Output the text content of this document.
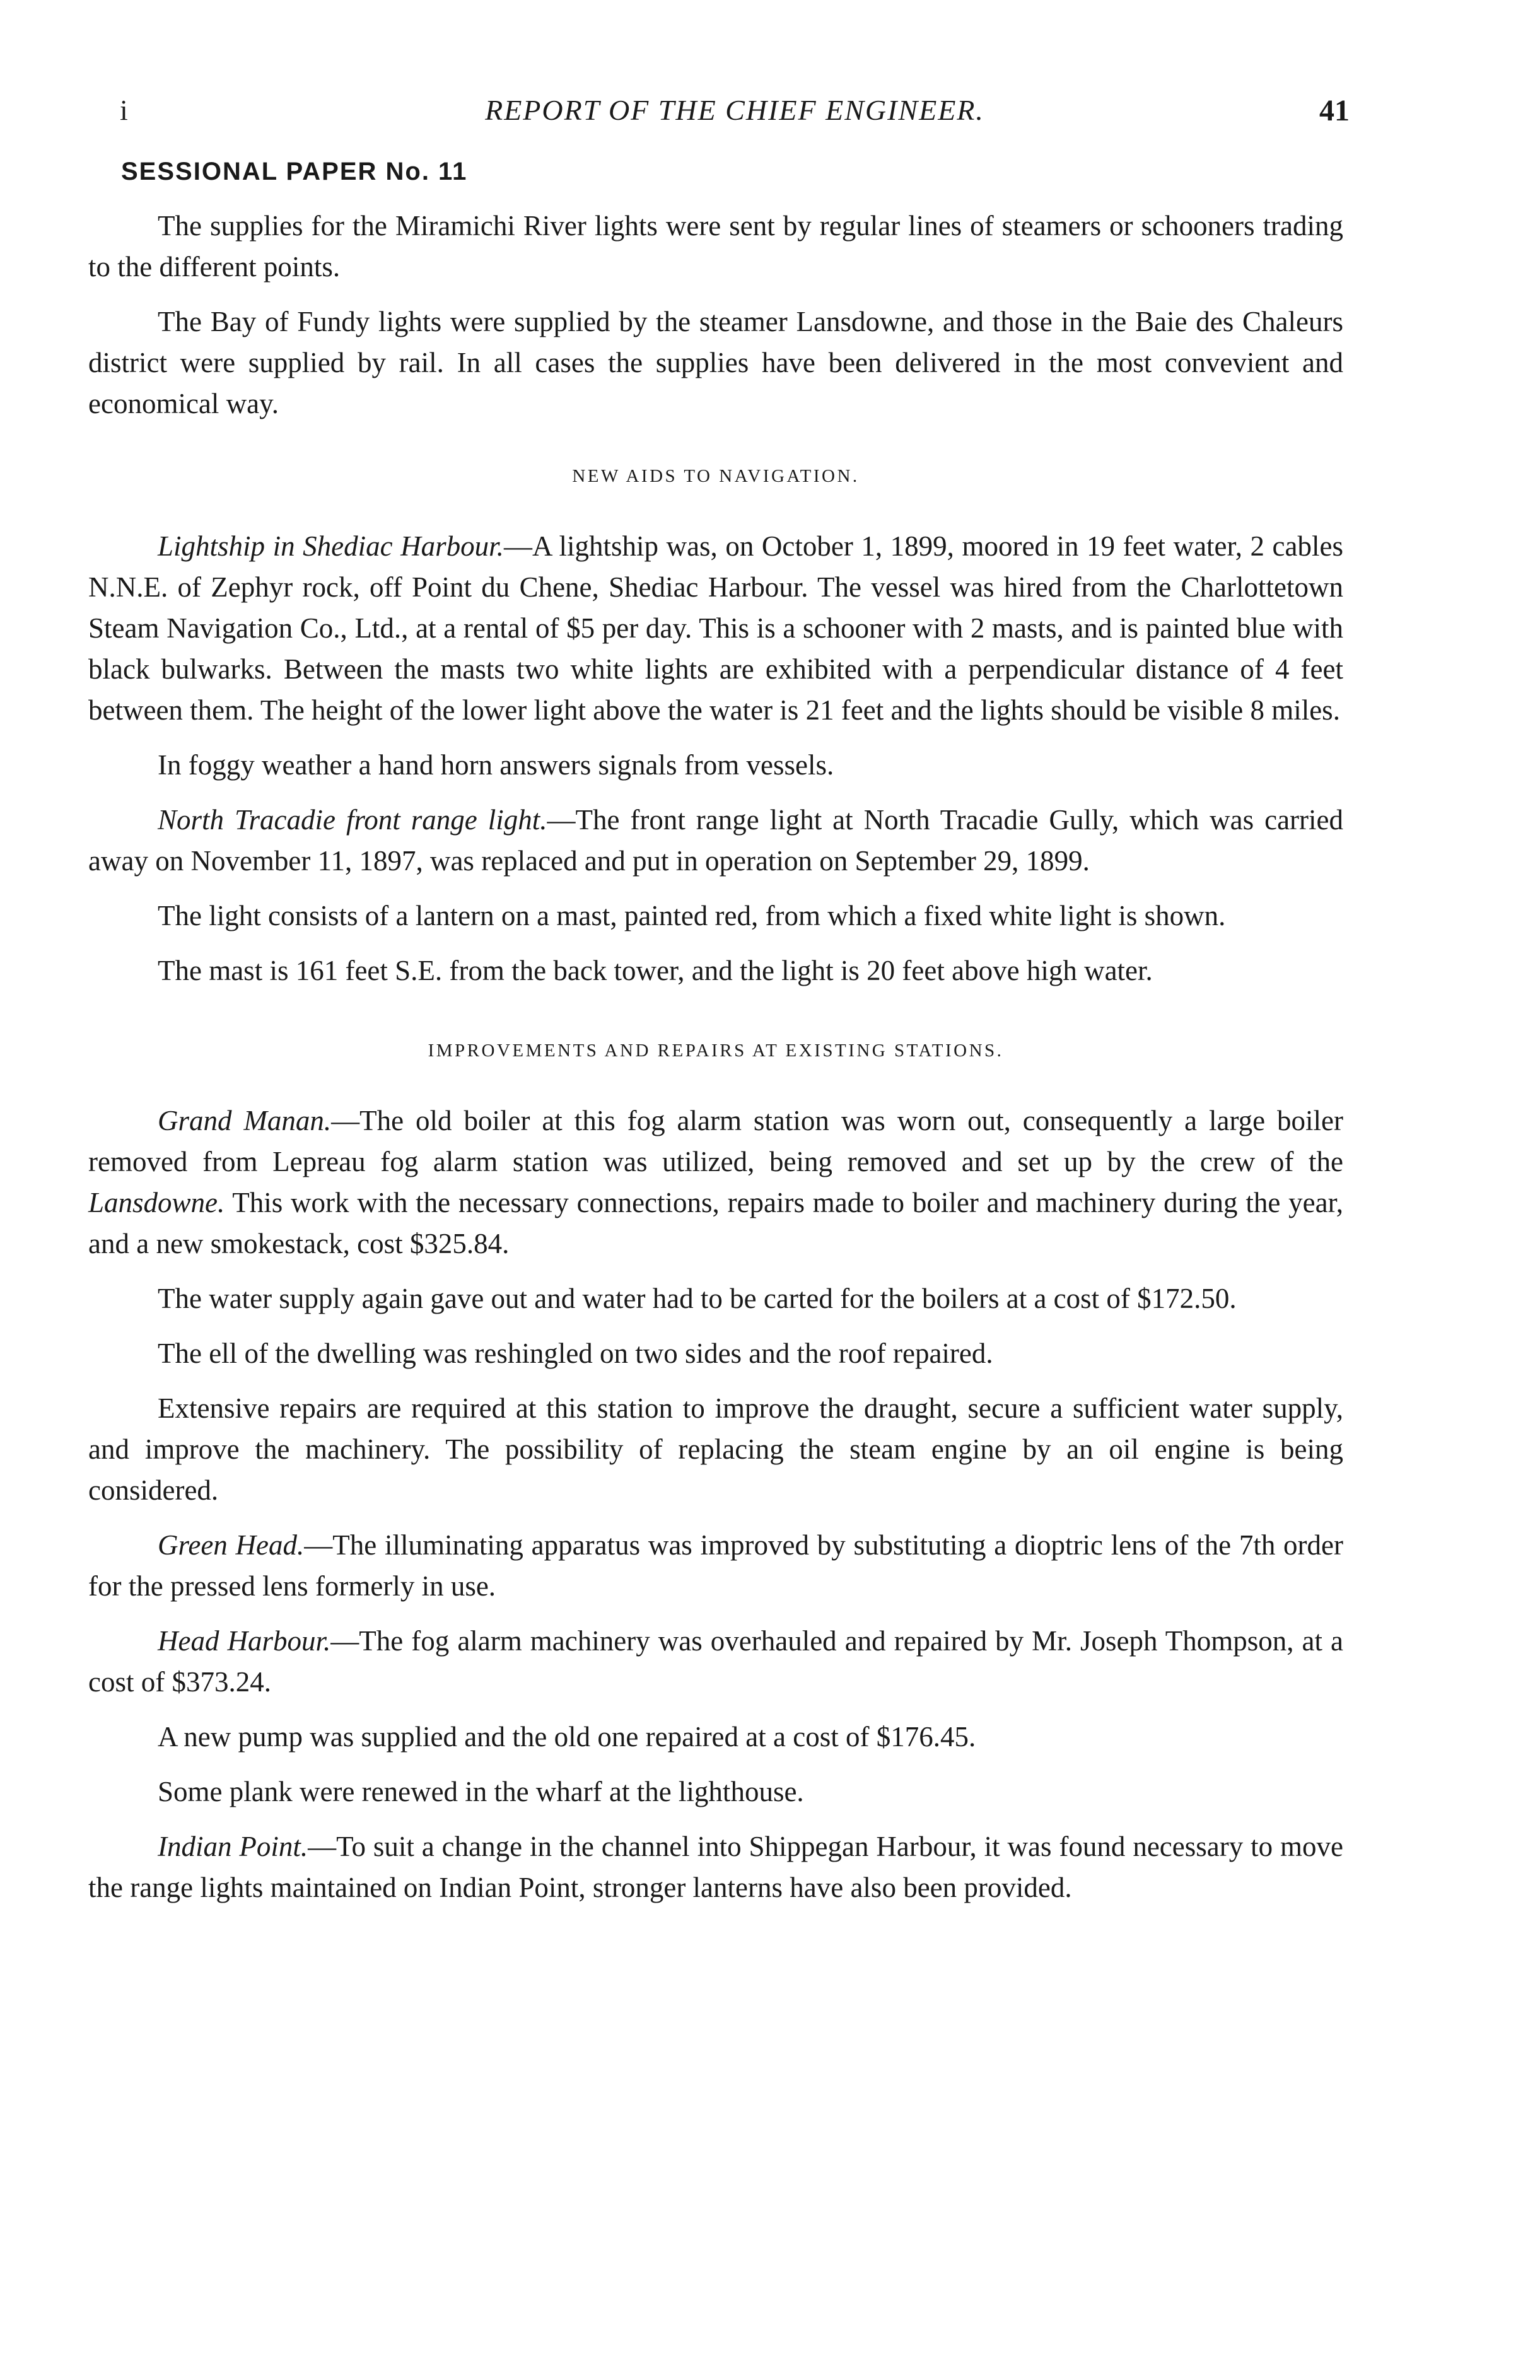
i	REPORT OF THE CHIEF ENGINEER.	41
SESSIONAL PAPER No. 11

The supplies for the Miramichi River lights were sent by regular lines of steamers or schooners trading to the different points.

The Bay of Fundy lights were supplied by the steamer Lansdowne, and those in the Baie des Chaleurs district were supplied by rail. In all cases the supplies have been delivered in the most convevient and economical way.

NEW AIDS TO NAVIGATION.

Lightship in Shediac Harbour.—A lightship was, on October 1, 1899, moored in 19 feet water, 2 cables N.N.E. of Zephyr rock, off Point du Chene, Shediac Harbour. The vessel was hired from the Charlottetown Steam Navigation Co., Ltd., at a rental of $5 per day. This is a schooner with 2 masts, and is painted blue with black bulwarks. Between the masts two white lights are exhibited with a perpendicular distance of 4 feet between them. The height of the lower light above the water is 21 feet and the lights should be visible 8 miles.

In foggy weather a hand horn answers signals from vessels.

North Tracadie front range light.—The front range light at North Tracadie Gully, which was carried away on November 11, 1897, was replaced and put in operation on September 29, 1899.

The light consists of a lantern on a mast, painted red, from which a fixed white light is shown.

The mast is 161 feet S.E. from the back tower, and the light is 20 feet above high water.

IMPROVEMENTS AND REPAIRS AT EXISTING STATIONS.

Grand Manan.—The old boiler at this fog alarm station was worn out, consequently a large boiler removed from Lepreau fog alarm station was utilized, being removed and set up by the crew of the Lansdowne. This work with the necessary connections, repairs made to boiler and machinery during the year, and a new smokestack, cost $325.84.

The water supply again gave out and water had to be carted for the boilers at a cost of $172.50.

The ell of the dwelling was reshingled on two sides and the roof repaired.

Extensive repairs are required at this station to improve the draught, secure a sufficient water supply, and improve the machinery. The possibility of replacing the steam engine by an oil engine is being considered.

Green Head.—The illuminating apparatus was improved by substituting a dioptric lens of the 7th order for the pressed lens formerly in use.

Head Harbour.—The fog alarm machinery was overhauled and repaired by Mr. Joseph Thompson, at a cost of $373.24.

A new pump was supplied and the old one repaired at a cost of $176.45.

Some plank were renewed in the wharf at the lighthouse.

Indian Point.—To suit a change in the channel into Shippegan Harbour, it was found necessary to move the range lights maintained on Indian Point, stronger lanterns have also been provided.
